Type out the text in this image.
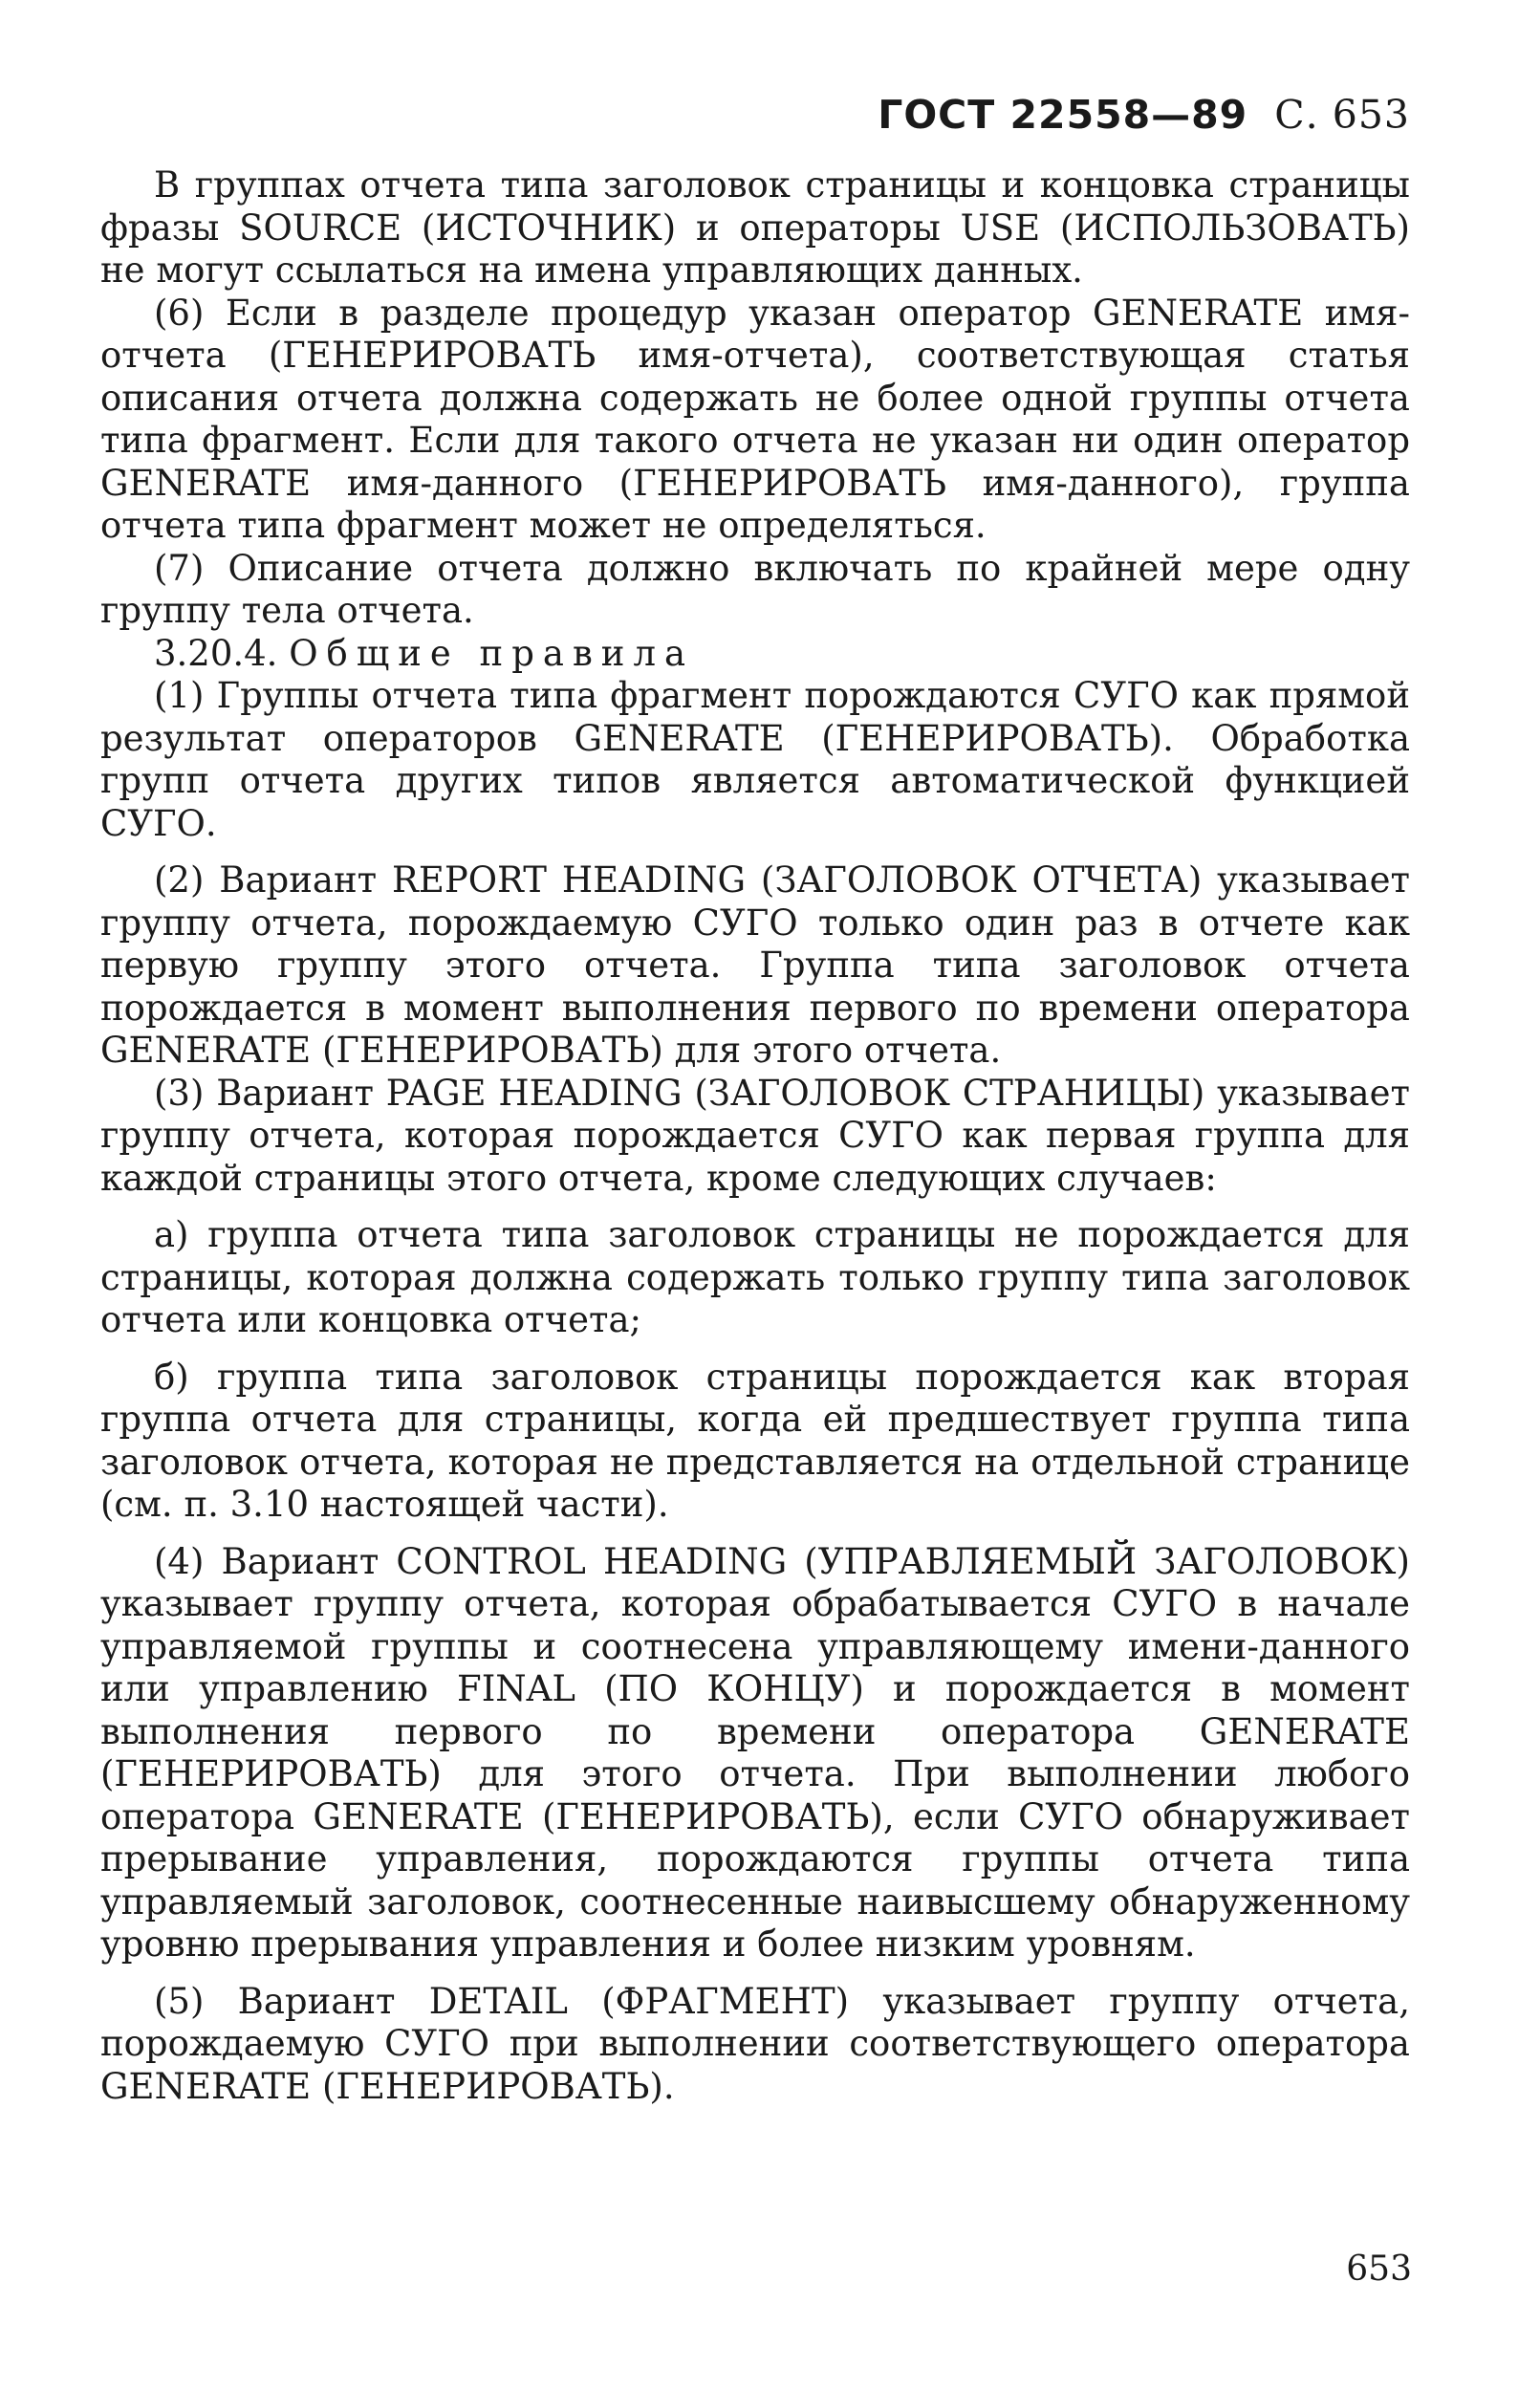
ГОСТ 22558—89 С. 653

В группах отчета типа заголовок страницы и концовка страницы фразы SOURCE (ИСТОЧНИК) и операторы USE (ИСПОЛЬЗОВАТЬ) не могут ссылаться на имена управляющих данных.

(6) Если в разделе процедур указан оператор GENERATE имя-отчета (ГЕНЕРИРОВАТЬ имя-отчета), соответствующая статья описания отчета должна содержать не более одной группы отчета типа фрагмент. Если для такого отчета не указан ни один оператор GENERATE имя-данного (ГЕНЕРИРОВАТЬ имя-данного), группа отчета типа фрагмент может не определяться.

(7) Описание отчета должно включать по крайней мере одну группу тела отчета.

3.20.4. Общие правила

(1) Группы отчета типа фрагмент порождаются СУГО как прямой результат операторов GENERATE (ГЕНЕРИРОВАТЬ). Обработка групп отчета других типов является автоматической функцией СУГО.

(2) Вариант REPORT HEADING (ЗАГОЛОВОК ОТЧЕТА) указывает группу отчета, порождаемую СУГО только один раз в отчете как первую группу этого отчета. Группа типа заголовок отчета порождается в момент выполнения первого по времени оператора GENERATE (ГЕНЕРИРОВАТЬ) для этого отчета.

(3) Вариант PAGE HEADING (ЗАГОЛОВОК СТРАНИЦЫ) указывает группу отчета, которая порождается СУГО как первая группа для каждой страницы этого отчета, кроме следующих случаев:

а) группа отчета типа заголовок страницы не порождается для страницы, которая должна содержать только группу типа заголовок отчета или концовка отчета;

б) группа типа заголовок страницы порождается как вторая группа отчета для страницы, когда ей предшествует группа типа заголовок отчета, которая не представляется на отдельной странице (см. п. 3.10 настоящей части).

(4) Вариант CONTROL HEADING (УПРАВЛЯЕМЫЙ ЗАГОЛОВОК) указывает группу отчета, которая обрабатывается СУГО в начале управляемой группы и соотнесена управляющему имени-данного или управлению FINAL (ПО КОНЦУ) и порождается в момент выполнения первого по времени оператора GENERATE (ГЕНЕРИРОВАТЬ) для этого отчета. При выполнении любого оператора GENERATE (ГЕНЕРИРОВАТЬ), если СУГО обнаруживает прерывание управления, порождаются группы отчета типа управляемый заголовок, соотнесенные наивысшему обнаруженному уровню прерывания управления и более низким уровням.

(5) Вариант DETAIL (ФРАГМЕНТ) указывает группу отчета, порождаемую СУГО при выполнении соответствующего оператора GENERATE (ГЕНЕРИРОВАТЬ).

653
